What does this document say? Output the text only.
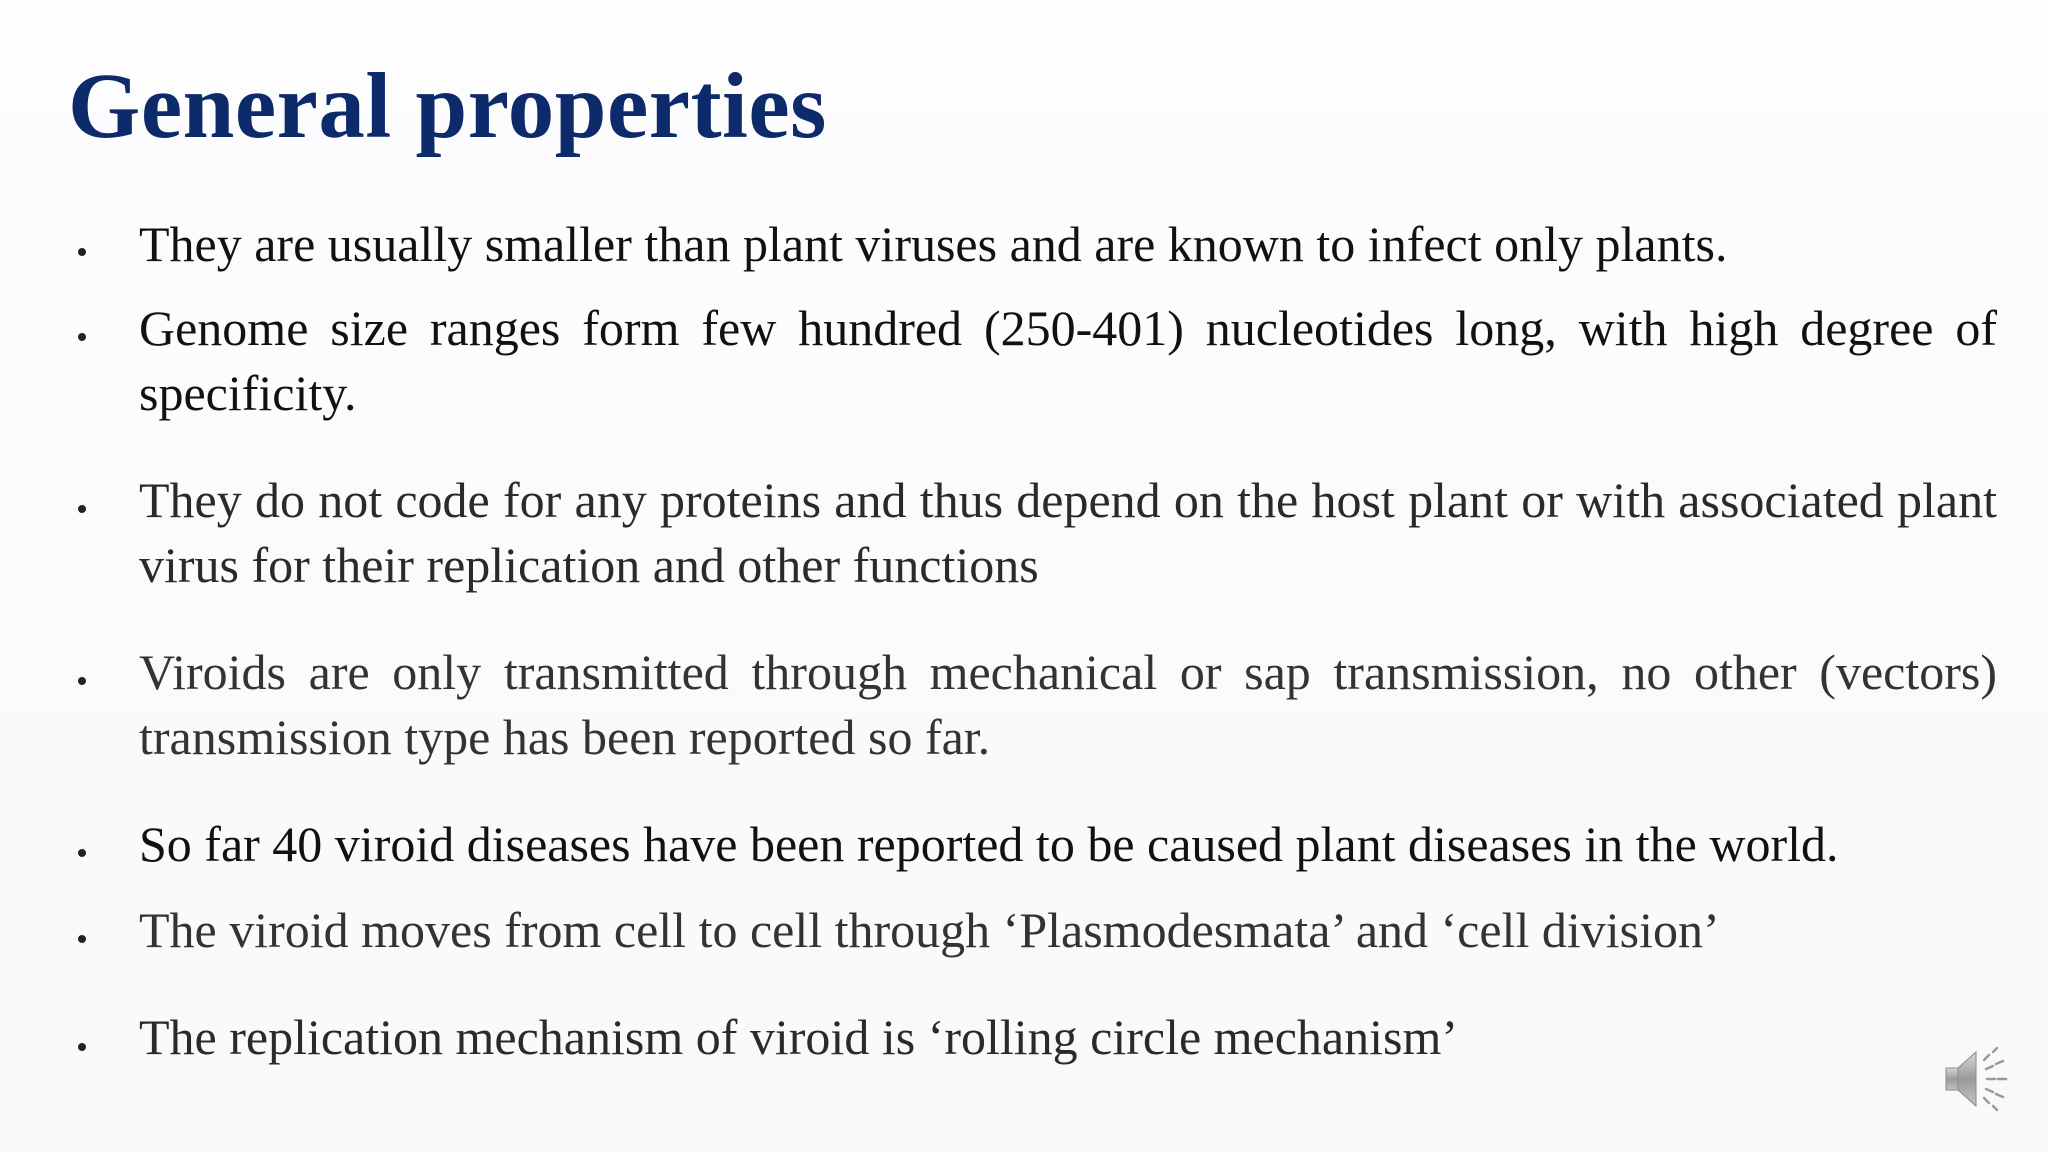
General properties
They are usually smaller than plant viruses and are known to infect only plants.
Genome size ranges form few hundred (250-401) nucleotides long, with high degree of specificity.
They do not code for any proteins and thus depend on the host plant or with associated plant virus for their replication and other functions
Viroids are only transmitted through mechanical or sap transmission, no other (vectors) transmission type has been reported so far.
So far 40 viroid diseases have been reported to be caused plant diseases in the world.
The viroid moves from cell to cell through ‘Plasmodesmata’ and ‘cell division’
The replication mechanism of viroid is ‘rolling circle mechanism’
